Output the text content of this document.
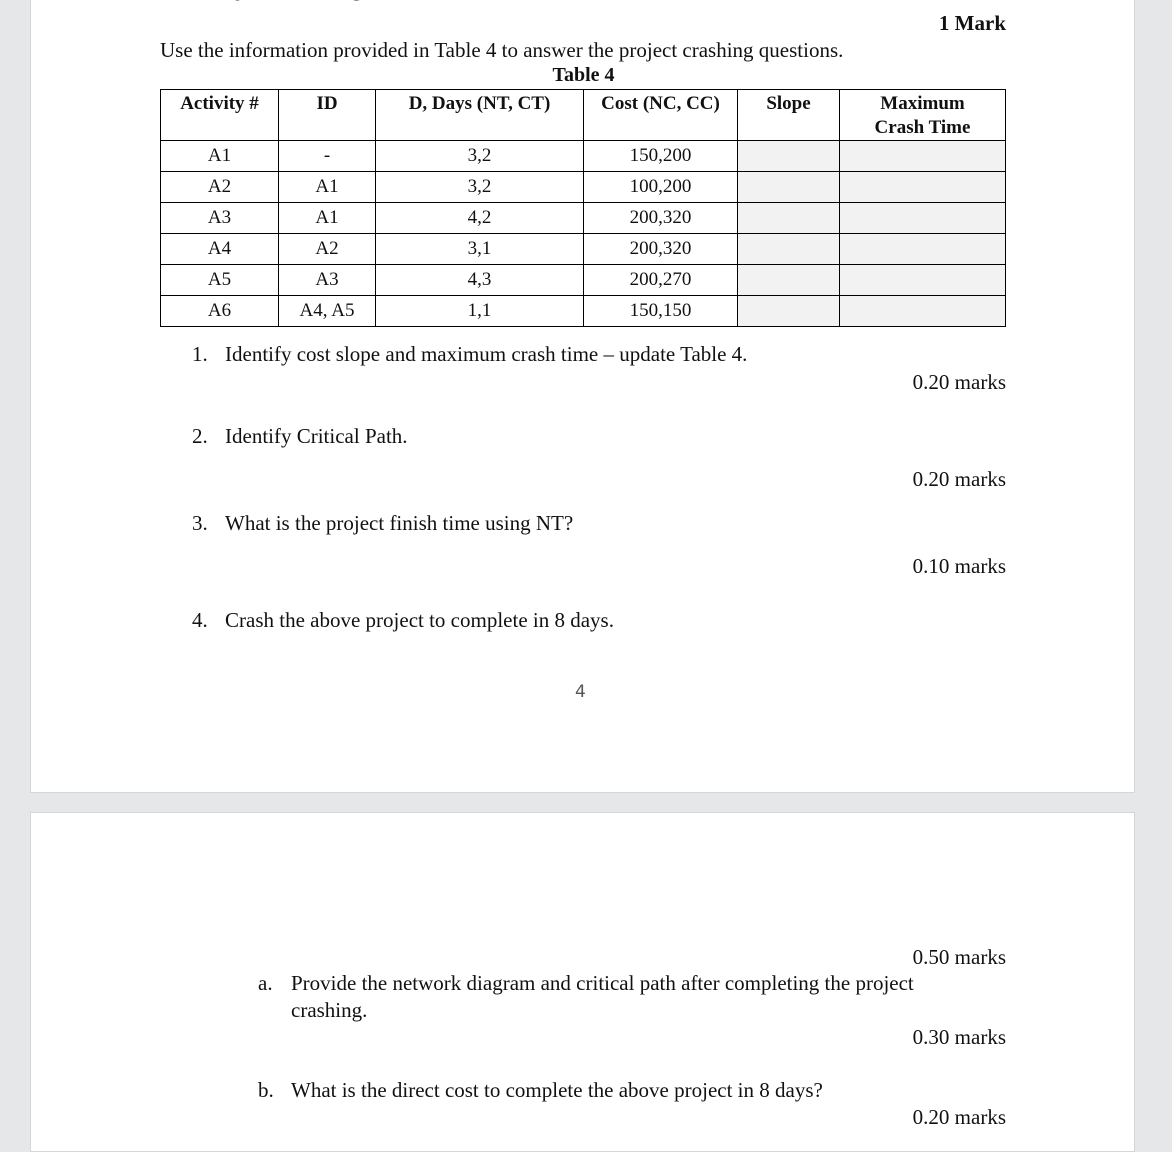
1 Mark
Use the information provided in Table 4 to answer the project crashing questions.
Table 4
Activity #	ID	D, Days (NT, CT)	Cost (NC, CC)	Slope	Maximum Crash Time
A1	-	3,2	150,200		
A2	A1	3,2	100,200		
A3	A1	4,2	200,320		
A4	A2	3,1	200,320		
A5	A3	4,3	200,270		
A6	A4, A5	1,1	150,150		
1. Identify cost slope and maximum crash time – update Table 4.
0.20 marks
2. Identify Critical Path.
0.20 marks
3. What is the project finish time using NT?
0.10 marks
4. Crash the above project to complete in 8 days.
4
0.50 marks
a. Provide the network diagram and critical path after completing the project
crashing.
0.30 marks
b. What is the direct cost to complete the above project in 8 days?
0.20 marks
